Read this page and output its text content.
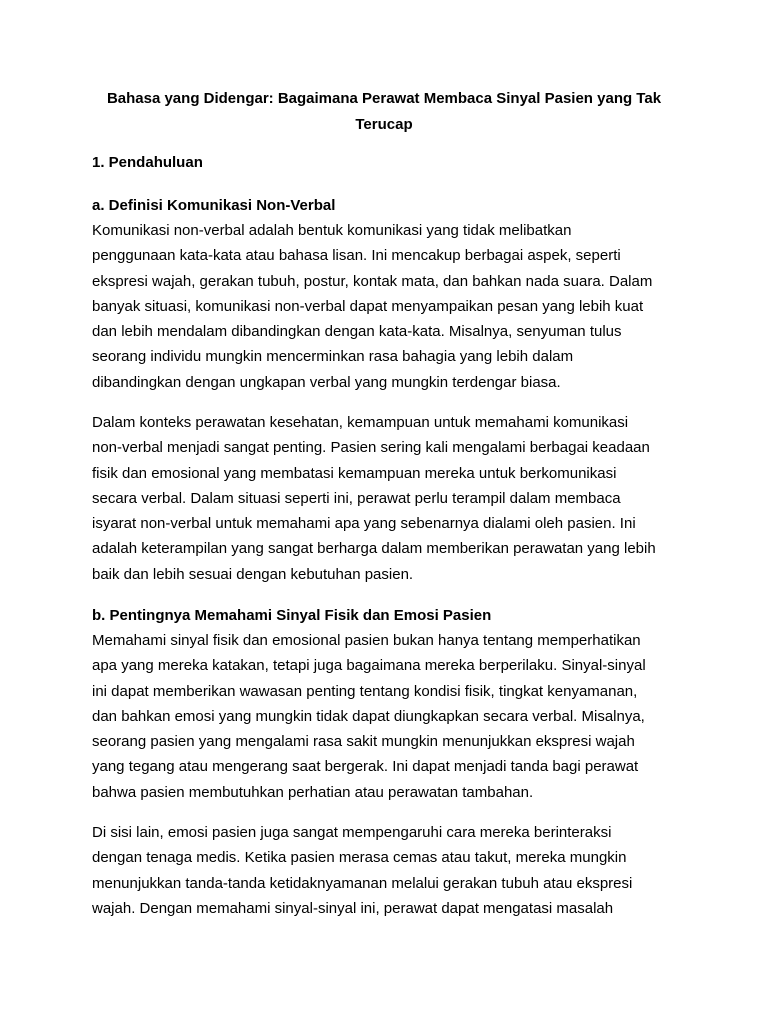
Bahasa yang Didengar: Bagaimana Perawat Membaca Sinyal Pasien yang Tak
Terucap
1. Pendahuluan
a. Definisi Komunikasi Non-Verbal

Komunikasi non-verbal adalah bentuk komunikasi yang tidak melibatkan
penggunaan kata-kata atau bahasa lisan. Ini mencakup berbagai aspek, seperti
ekspresi wajah, gerakan tubuh, postur, kontak mata, dan bahkan nada suara. Dalam
banyak situasi, komunikasi non-verbal dapat menyampaikan pesan yang lebih kuat
dan lebih mendalam dibandingkan dengan kata-kata. Misalnya, senyuman tulus
seorang individu mungkin mencerminkan rasa bahagia yang lebih dalam
dibandingkan dengan ungkapan verbal yang mungkin terdengar biasa.

Dalam konteks perawatan kesehatan, kemampuan untuk memahami komunikasi
non-verbal menjadi sangat penting. Pasien sering kali mengalami berbagai keadaan
fisik dan emosional yang membatasi kemampuan mereka untuk berkomunikasi
secara verbal. Dalam situasi seperti ini, perawat perlu terampil dalam membaca
isyarat non-verbal untuk memahami apa yang sebenarnya dialami oleh pasien. Ini
adalah keterampilan yang sangat berharga dalam memberikan perawatan yang lebih
baik dan lebih sesuai dengan kebutuhan pasien.

b. Pentingnya Memahami Sinyal Fisik dan Emosi Pasien

Memahami sinyal fisik dan emosional pasien bukan hanya tentang memperhatikan
apa yang mereka katakan, tetapi juga bagaimana mereka berperilaku. Sinyal-sinyal
ini dapat memberikan wawasan penting tentang kondisi fisik, tingkat kenyamanan,
dan bahkan emosi yang mungkin tidak dapat diungkapkan secara verbal. Misalnya,
seorang pasien yang mengalami rasa sakit mungkin menunjukkan ekspresi wajah
yang tegang atau mengerang saat bergerak. Ini dapat menjadi tanda bagi perawat
bahwa pasien membutuhkan perhatian atau perawatan tambahan.

Di sisi lain, emosi pasien juga sangat mempengaruhi cara mereka berinteraksi
dengan tenaga medis. Ketika pasien merasa cemas atau takut, mereka mungkin
menunjukkan tanda-tanda ketidaknyamanan melalui gerakan tubuh atau ekspresi
wajah. Dengan memahami sinyal-sinyal ini, perawat dapat mengatasi masalah
